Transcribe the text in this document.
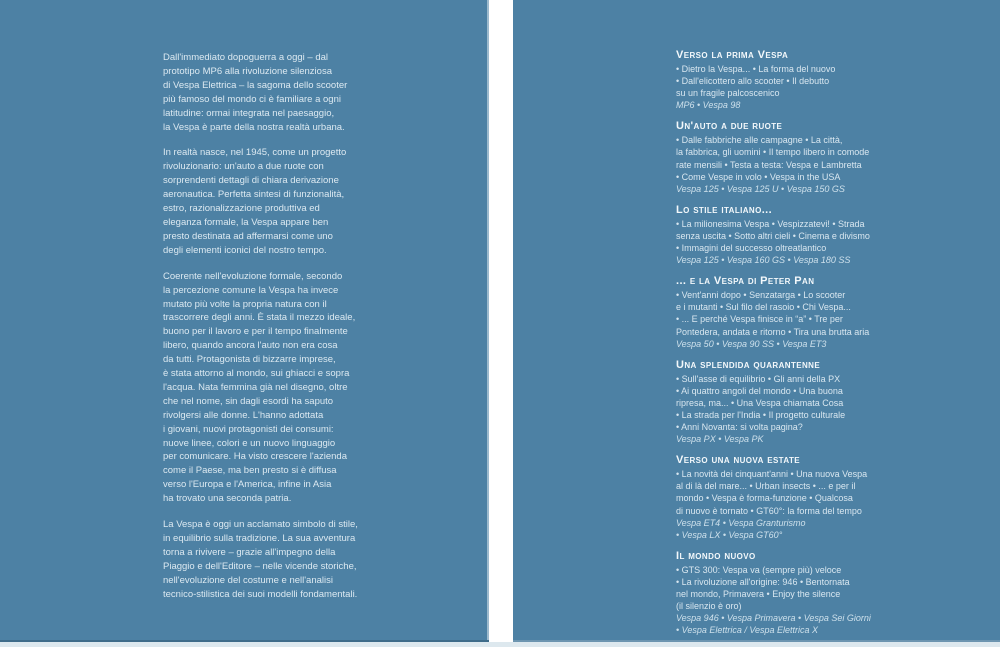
Dall'immediato dopoguerra a oggi – dal
prototipo MP6 alla rivoluzione silenziosa
di Vespa Elettrica – la sagoma dello scooter
più famoso del mondo ci è familiare a ogni
latitudine: ormai integrata nel paesaggio,
la Vespa è parte della nostra realtà urbana.
In realtà nasce, nel 1945, come un progetto
rivoluzionario: un'auto a due ruote con
sorprendenti dettagli di chiara derivazione
aeronautica. Perfetta sintesi di funzionalità,
estro, razionalizzazione produttiva ed
eleganza formale, la Vespa appare ben
presto destinata ad affermarsi come uno
degli elementi iconici del nostro tempo.
Coerente nell'evoluzione formale, secondo
la percezione comune la Vespa ha invece
mutato più volte la propria natura con il
trascorrere degli anni. È stata il mezzo ideale,
buono per il lavoro e per il tempo finalmente
libero, quando ancora l'auto non era cosa
da tutti. Protagonista di bizzarre imprese,
è stata attorno al mondo, sui ghiacci e sopra
l'acqua. Nata femmina già nel disegno, oltre
che nel nome, sin dagli esordi ha saputo
rivolgersi alle donne. L'hanno adottata
i giovani, nuovi protagonisti dei consumi:
nuove linee, colori e un nuovo linguaggio
per comunicare. Ha visto crescere l'azienda
come il Paese, ma ben presto si è diffusa
verso l'Europa e l'America, infine in Asia
ha trovato una seconda patria.
La Vespa è oggi un acclamato simbolo di stile,
in equilibrio sulla tradizione. La sua avventura
torna a rivivere – grazie all'impegno della
Piaggio e dell'Editore – nelle vicende storiche,
nell'evoluzione del costume e nell'analisi
tecnico-stilistica dei suoi modelli fondamentali.
Verso la prima Vespa
• Dietro la Vespa... • La forma del nuovo
• Dall'elicottero allo scooter • Il debutto
su un fragile palcoscenico
MP6 • Vespa 98
Un'auto a due ruote
• Dalle fabbriche alle campagne • La città,
la fabbrica, gli uomini • Il tempo libero in comode
rate mensili • Testa a testa: Vespa e Lambretta
• Come Vespe in volo • Vespa in the USA
Vespa 125 • Vespa 125 U • Vespa 150 GS
Lo stile italiano...
• La milionesima Vespa • Vespizzatevi! • Strada
senza uscita • Sotto altri cieli • Cinema e divismo
• Immagini del successo oltreatlantico
Vespa 125 • Vespa 160 GS • Vespa 180 SS
... e la Vespa di Peter Pan
• Vent'anni dopo • Senzatarga • Lo scooter
e i mutanti • Sul filo del rasoio • Chi Vespa...
• ... E perché Vespa finisce in “a” • Tre per
Pontedera, andata e ritorno • Tira una brutta aria
Vespa 50 • Vespa 90 SS • Vespa ET3
Una splendida quarantenne
• Sull'asse di equilibrio • Gli anni della PX
• Ai quattro angoli del mondo • Una buona
ripresa, ma... • Una Vespa chiamata Cosa
• La strada per l'India • Il progetto culturale
• Anni Novanta: si volta pagina?
Vespa PX • Vespa PK
Verso una nuova estate
• La novità dei cinquant'anni • Una nuova Vespa
al di là del mare... • Urban insects • ... e per il
mondo • Vespa è forma-funzione • Qualcosa
di nuovo è tornato • GT60°: la forma del tempo
Vespa ET4 • Vespa Granturismo
• Vespa LX • Vespa GT60°
Il mondo nuovo
• GTS 300: Vespa va (sempre più) veloce
• La rivoluzione all'origine: 946 • Bentornata
nel mondo, Primavera • Enjoy the silence
(il silenzio è oro)
Vespa 946 • Vespa Primavera • Vespa Sei Giorni
• Vespa Elettrica / Vespa Elettrica X
